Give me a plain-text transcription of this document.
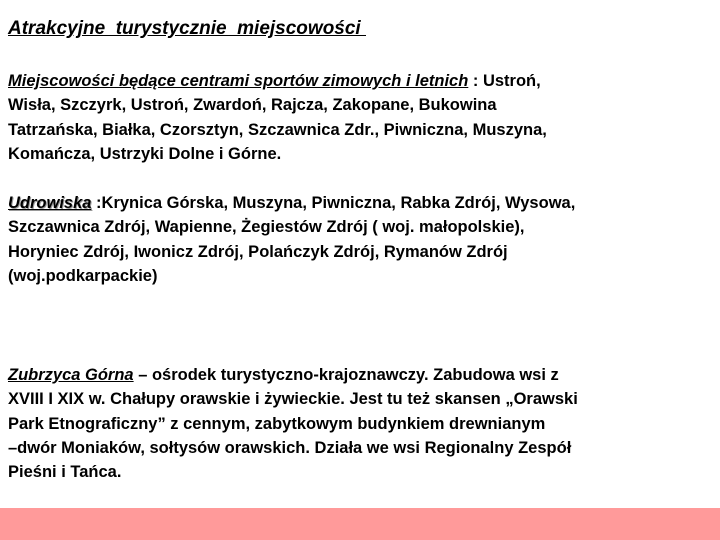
Atrakcyjne  turystycznie  miejscowości

Miejscowości będące centrami sportów zimowych i letnich : Ustroń,
Wisła, Szczyrk, Ustroń, Zwardoń, Rajcza, Zakopane, Bukowina
Tatrzańska, Białka, Czorsztyn, Szczawnica Zdr., Piwniczna, Muszyna,
Komańcza, Ustrzyki Dolne i Górne.

Udrowiska :Krynica Górska, Muszyna, Piwniczna, Rabka Zdrój, Wysowa,
Szczawnica Zdrój, Wapienne, Żegiestów Zdrój ( woj. małopolskie),
Horyniec Zdrój, Iwonicz Zdrój, Polańczyk Zdrój, Rymanów Zdrój
(woj.podkarpackie)

Zubrzyca Górna – ośrodek turystyczno-krajoznawczy. Zabudowa wsi z
XVIII I XIX w. Chałupy orawskie i żywieckie. Jest tu też skansen „Orawski
Park Etnograficzny” z cennym, zabytkowym budynkiem drewnianym
–dwór Moniaków, sołtysów orawskich. Działa we wsi Regionalny Zespół
Pieśni i Tańca.
